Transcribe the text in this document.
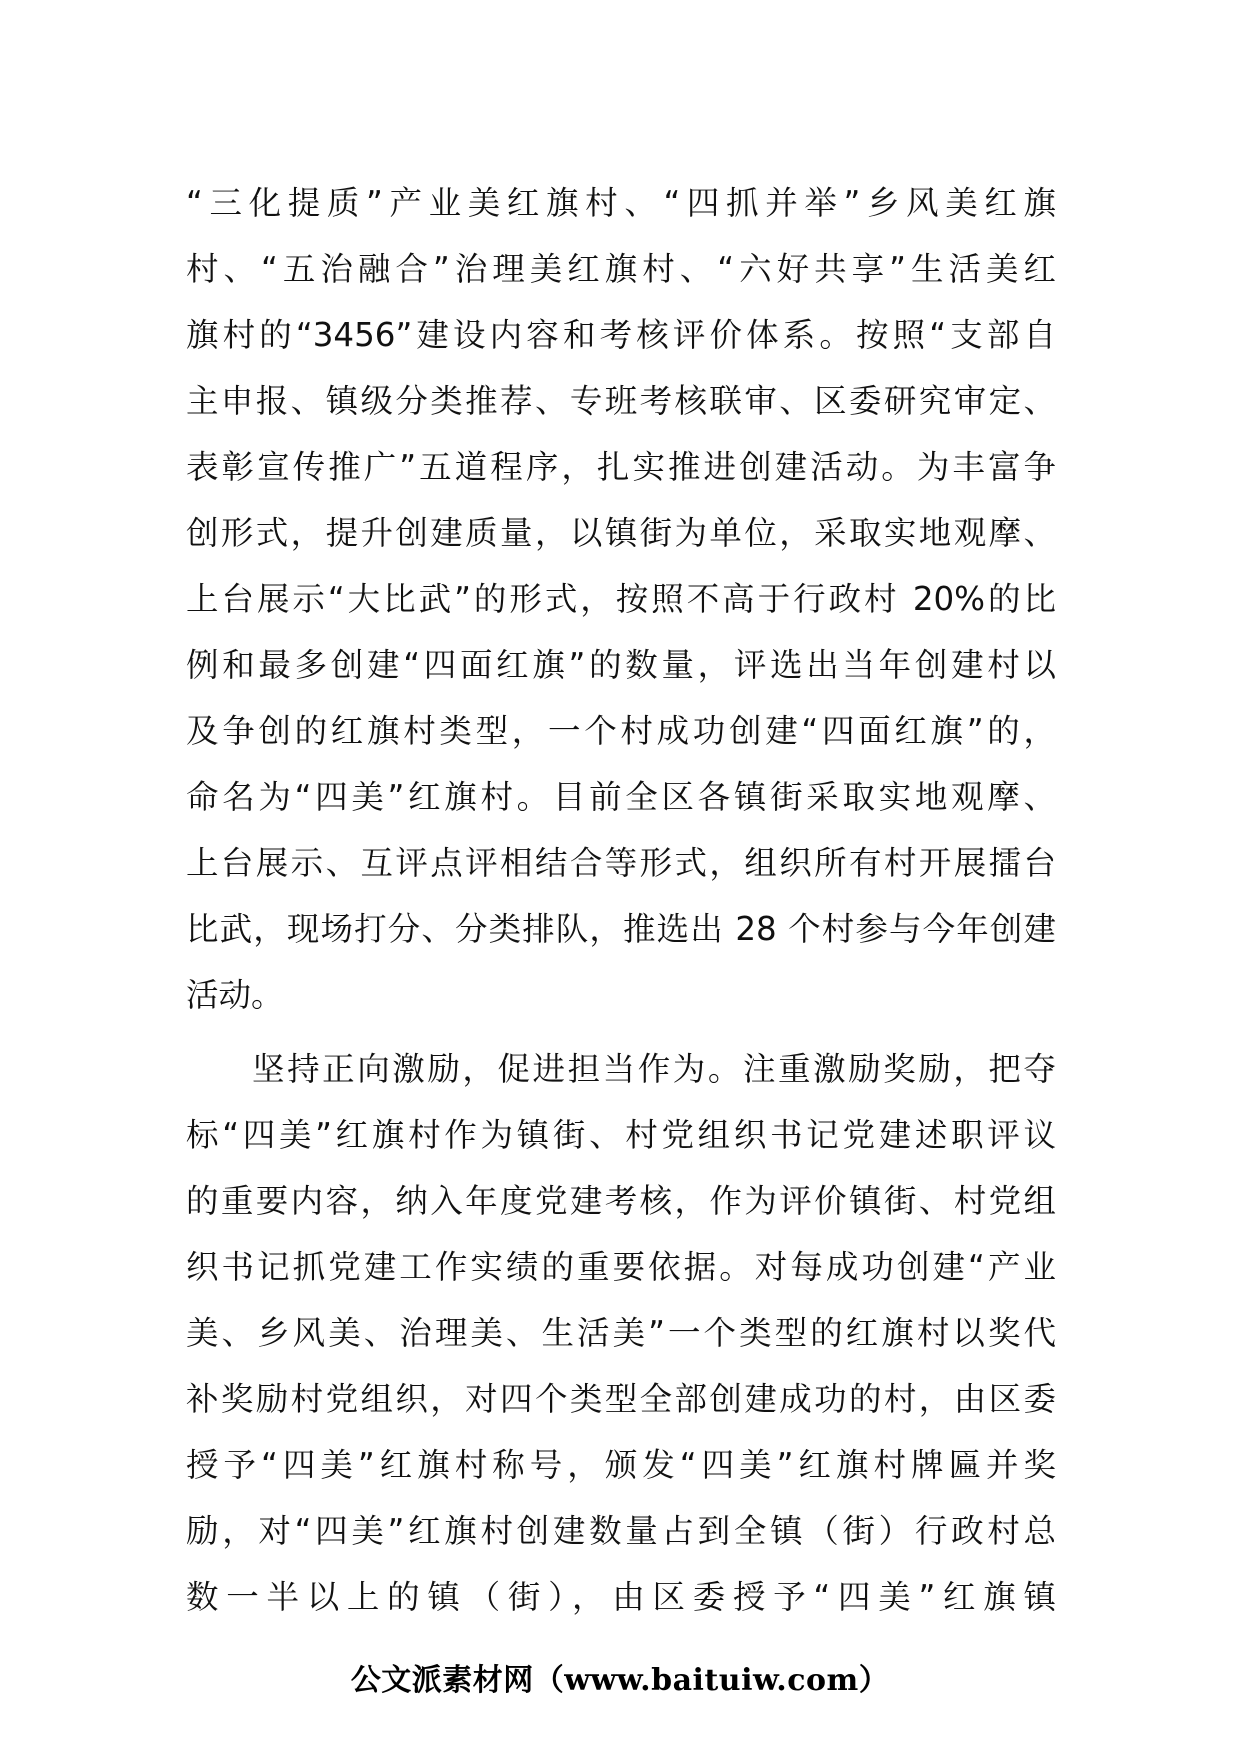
“三化提质”产业美红旗村、“四抓并举”乡风美红旗
村、“五治融合”治理美红旗村、“六好共享”生活美红
旗村的“3456”建设内容和考核评价体系。按照“支部自
主申报、镇级分类推荐、专班考核联审、区委研究审定、
表彰宣传推广”五道程序，扎实推进创建活动。为丰富争
创形式，提升创建质量，以镇街为单位，采取实地观摩、
上台展示“大比武”的形式，按照不高于行政村 20%的比
例和最多创建“四面红旗”的数量，评选出当年创建村以
及争创的红旗村类型，一个村成功创建“四面红旗”的，
命名为“四美”红旗村。目前全区各镇街采取实地观摩、
上台展示、互评点评相结合等形式，组织所有村开展擂台
比武，现场打分、分类排队，推选出 28 个村参与今年创建
活动。
坚持正向激励，促进担当作为。注重激励奖励，把夺
标“四美”红旗村作为镇街、村党组织书记党建述职评议
的重要内容，纳入年度党建考核，作为评价镇街、村党组
织书记抓党建工作实绩的重要依据。对每成功创建“产业
美、乡风美、治理美、生活美”一个类型的红旗村以奖代
补奖励村党组织，对四个类型全部创建成功的村，由区委
授予“四美”红旗村称号，颁发“四美”红旗村牌匾并奖
励，对“四美”红旗村创建数量占到全镇（街）行政村总
数一半以上的镇（街），由区委授予“四美”红旗镇
公文派素材网（www.baituiw.com）
